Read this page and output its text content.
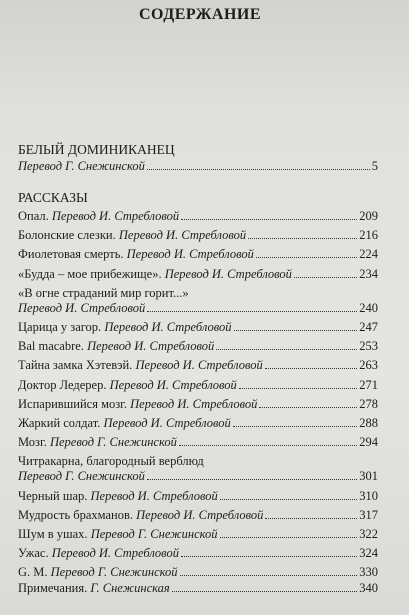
СОДЕРЖАНИЕ
БЕЛЫЙ ДОМИНИКАНЕЦ
Перевод Г. Снежинской	5
РАССКАЗЫ
Опал. Перевод И. Стребловой	209
Болонские слезки. Перевод И. Стребловой	216
Фиолетовая смерть. Перевод И. Стребловой	224
«Будда – мое прибежище». Перевод И. Стребловой	234
«В огне страданий мир горит...»
Перевод И. Стребловой	240
Царица у загор. Перевод И. Стребловой	247
Bal macabre. Перевод И. Стребловой	253
Тайна замка Хэтевэй. Перевод И. Стребловой	263
Доктор Ледерер. Перевод И. Стребловой	271
Испарившийся мозг. Перевод И. Стребловой	278
Жаркий солдат. Перевод И. Стребловой	288
Мозг. Перевод Г. Снежинской	294
Читракарна, благородный верблюд
Перевод Г. Снежинской	301
Черный шар. Перевод И. Стребловой	310
Мудрость брахманов. Перевод И. Стребловой	317
Шум в ушах. Перевод Г. Снежинской	322
Ужас. Перевод И. Стребловой	324
G. M. Перевод Г. Снежинской	330
Примечания. Г. Снежинская	340
